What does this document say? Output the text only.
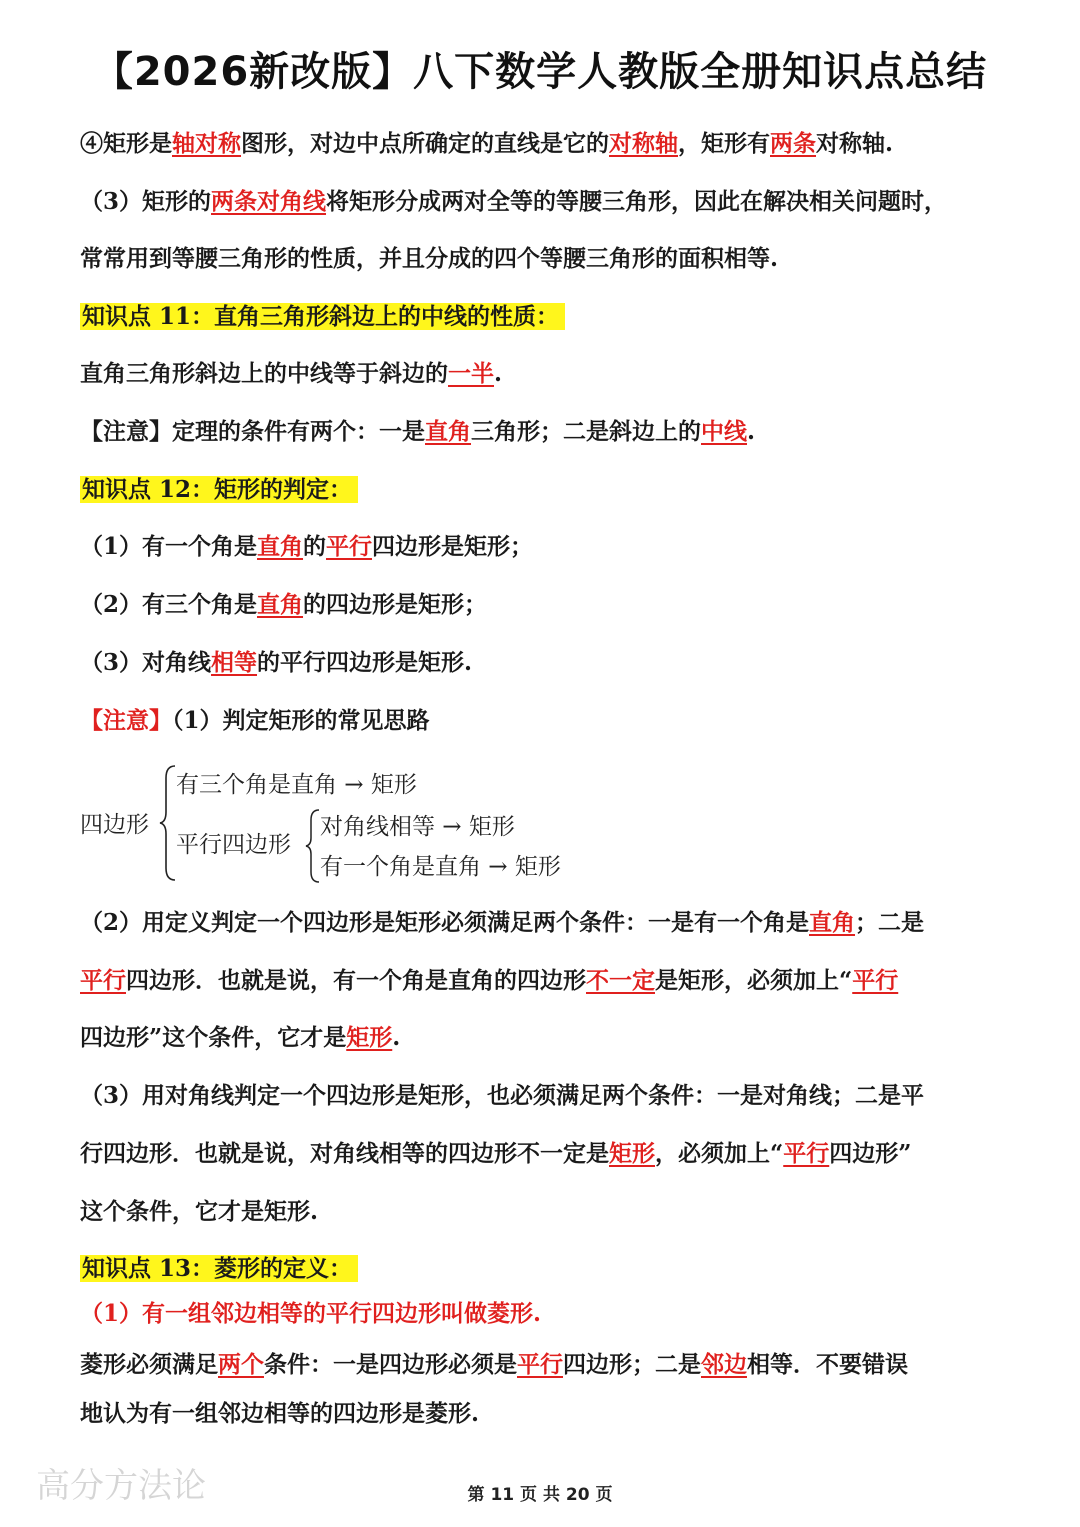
【2026新改版】八下数学人教版全册知识点总结
④矩形是轴对称图形，对边中点所确定的直线是它的对称轴，矩形有两条对称轴.
（3）矩形的两条对角线将矩形分成两对全等的等腰三角形，因此在解决相关问题时，
常常用到等腰三角形的性质，并且分成的四个等腰三角形的面积相等.
知识点 11：直角三角形斜边上的中线的性质：
直角三角形斜边上的中线等于斜边的一半.
【注意】定理的条件有两个：一是直角三角形；二是斜边上的中线.
知识点 12：矩形的判定：
（1）有一个角是直角的平行四边形是矩形；
（2）有三个角是直角的四边形是矩形；
（3）对角线相等的平行四边形是矩形.
【注意】（1）判定矩形的常见思路
四边形
有三个角是直角 → 矩形
平行四边形
对角线相等 → 矩形
有一个角是直角 → 矩形
（2）用定义判定一个四边形是矩形必须满足两个条件：一是有一个角是直角；二是
平行四边形．也就是说，有一个角是直角的四边形不一定是矩形，必须加上“平行
四边形”这个条件，它才是矩形.
（3）用对角线判定一个四边形是矩形，也必须满足两个条件：一是对角线；二是平
行四边形．也就是说，对角线相等的四边形不一定是矩形，必须加上“平行四边形”
这个条件，它才是矩形.
知识点 13：菱形的定义：
（1）有一组邻边相等的平行四边形叫做菱形.
菱形必须满足两个条件：一是四边形必须是平行四边形；二是邻边相等．不要错误
地认为有一组邻边相等的四边形是菱形.
高分方法论	第 11 页 共 20 页
